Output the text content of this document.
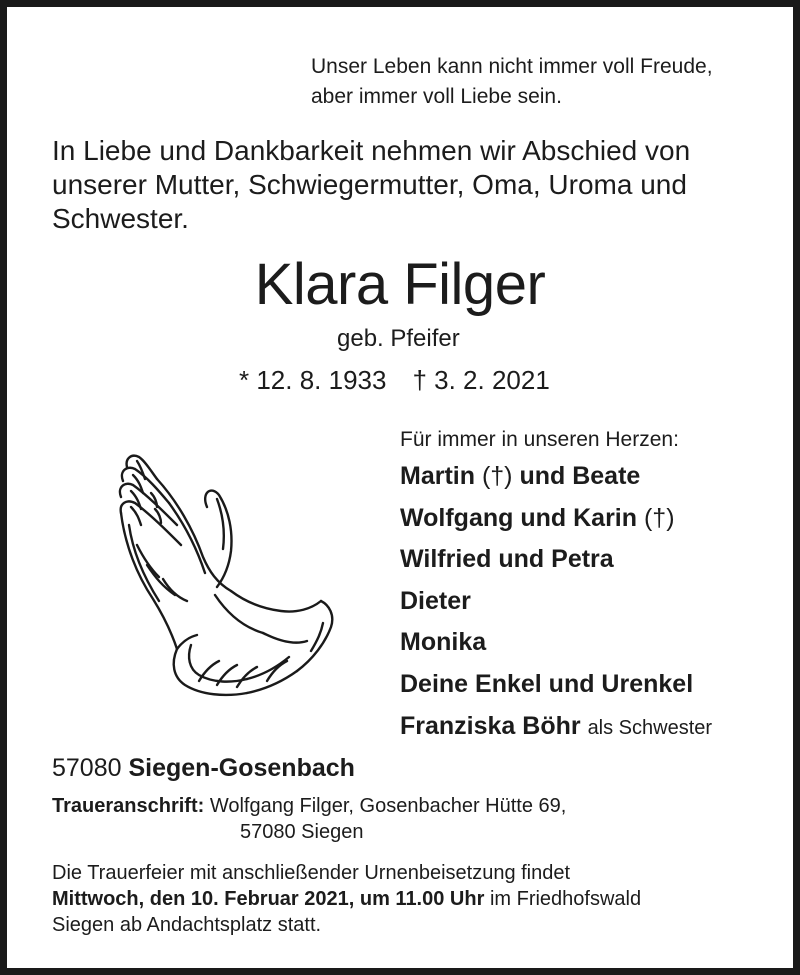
Unser Leben kann nicht immer voll Freude,
aber immer voll Liebe sein.
In Liebe und Dankbarkeit nehmen wir Abschied von
unserer Mutter, Schwiegermutter, Oma, Uroma und
Schwester.
Klara Filger
geb. Pfeifer
* 12. 8. 1933 † 3. 2. 2021
Für immer in unseren Herzen:
Martin (†) und Beate
Wolfgang und Karin (†)
Wilfried und Petra
Dieter
Monika
Deine Enkel und Urenkel
Franziska Böhr als Schwester
57080 Siegen-Gosenbach
Traueranschrift: Wolfgang Filger, Gosenbacher Hütte 69,
57080 Siegen
Die Trauerfeier mit anschließender Urnenbeisetzung findet
Mittwoch, den 10. Februar 2021, um 11.00 Uhr im Friedhofswald
Siegen ab Andachtsplatz statt.
